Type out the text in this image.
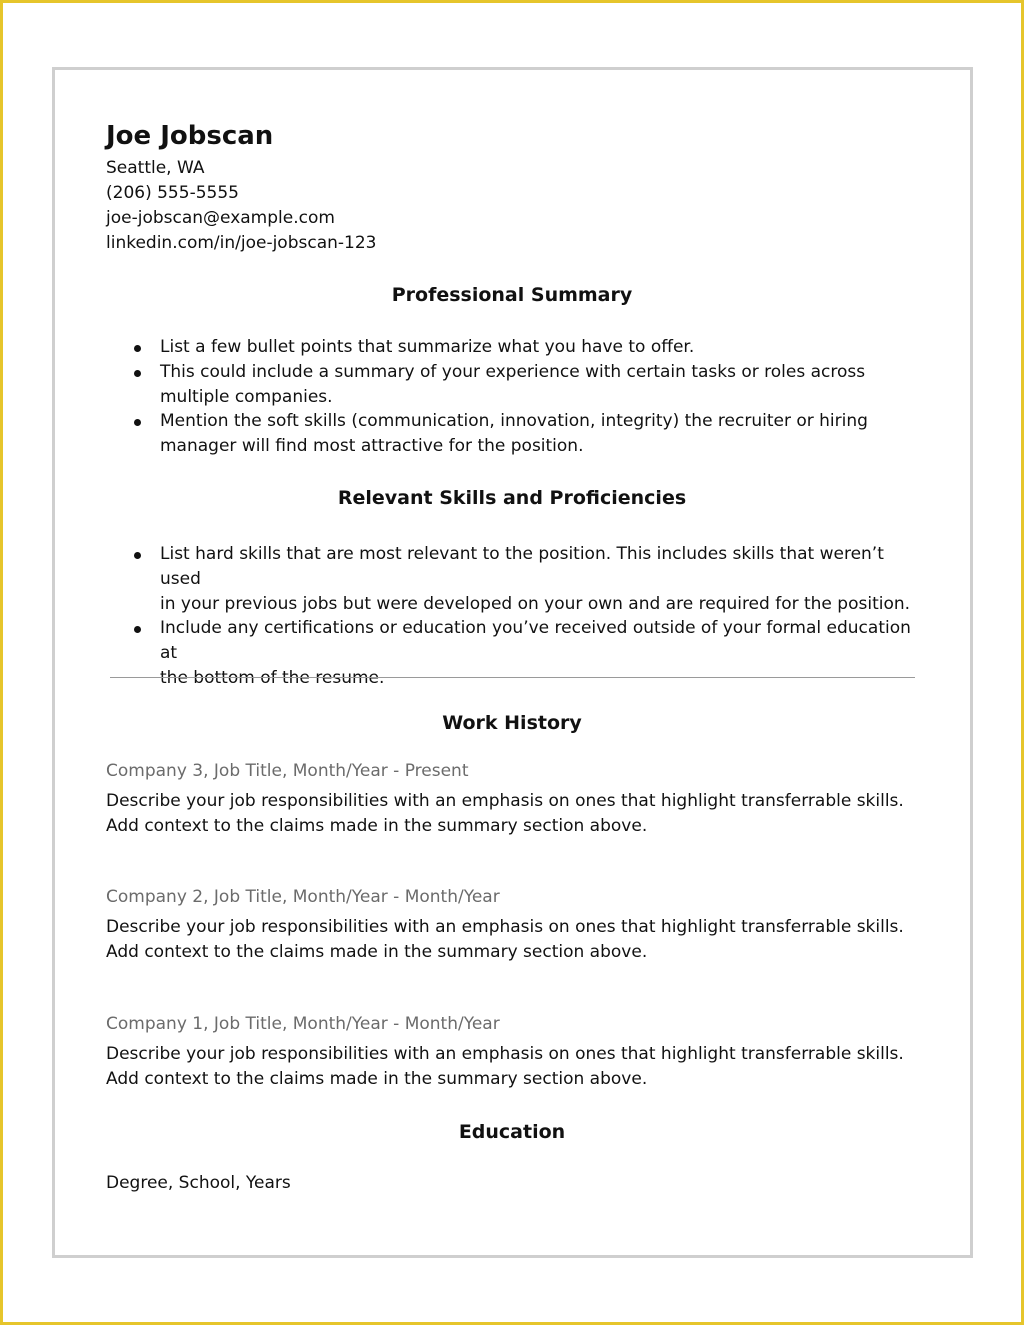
Joe Jobscan

Seattle, WA

(206) 555-5555

joe-jobscan@example.com

linkedin.com/in/joe-jobscan-123

Professional Summary
List a few bullet points that summarize what you have to offer.
This could include a summary of your experience with certain tasks or roles across
multiple companies.
Mention the soft skills (communication, innovation, integrity) the recruiter or hiring
manager will find most attractive for the position.
Relevant Skills and Proficiencies
List hard skills that are most relevant to the position. This includes skills that weren’t used
in your previous jobs but were developed on your own and are required for the position.
Include any certifications or education you’ve received outside of your formal education at
the bottom of the resume.
Work History

Company 3, Job Title, Month/Year - Present

Describe your job responsibilities with an emphasis on ones that highlight transferrable skills.
Add context to the claims made in the summary section above.

Company 2, Job Title, Month/Year - Month/Year

Describe your job responsibilities with an emphasis on ones that highlight transferrable skills.
Add context to the claims made in the summary section above.

Company 1, Job Title, Month/Year - Month/Year

Describe your job responsibilities with an emphasis on ones that highlight transferrable skills.
Add context to the claims made in the summary section above.

Education

Degree, School, Years
